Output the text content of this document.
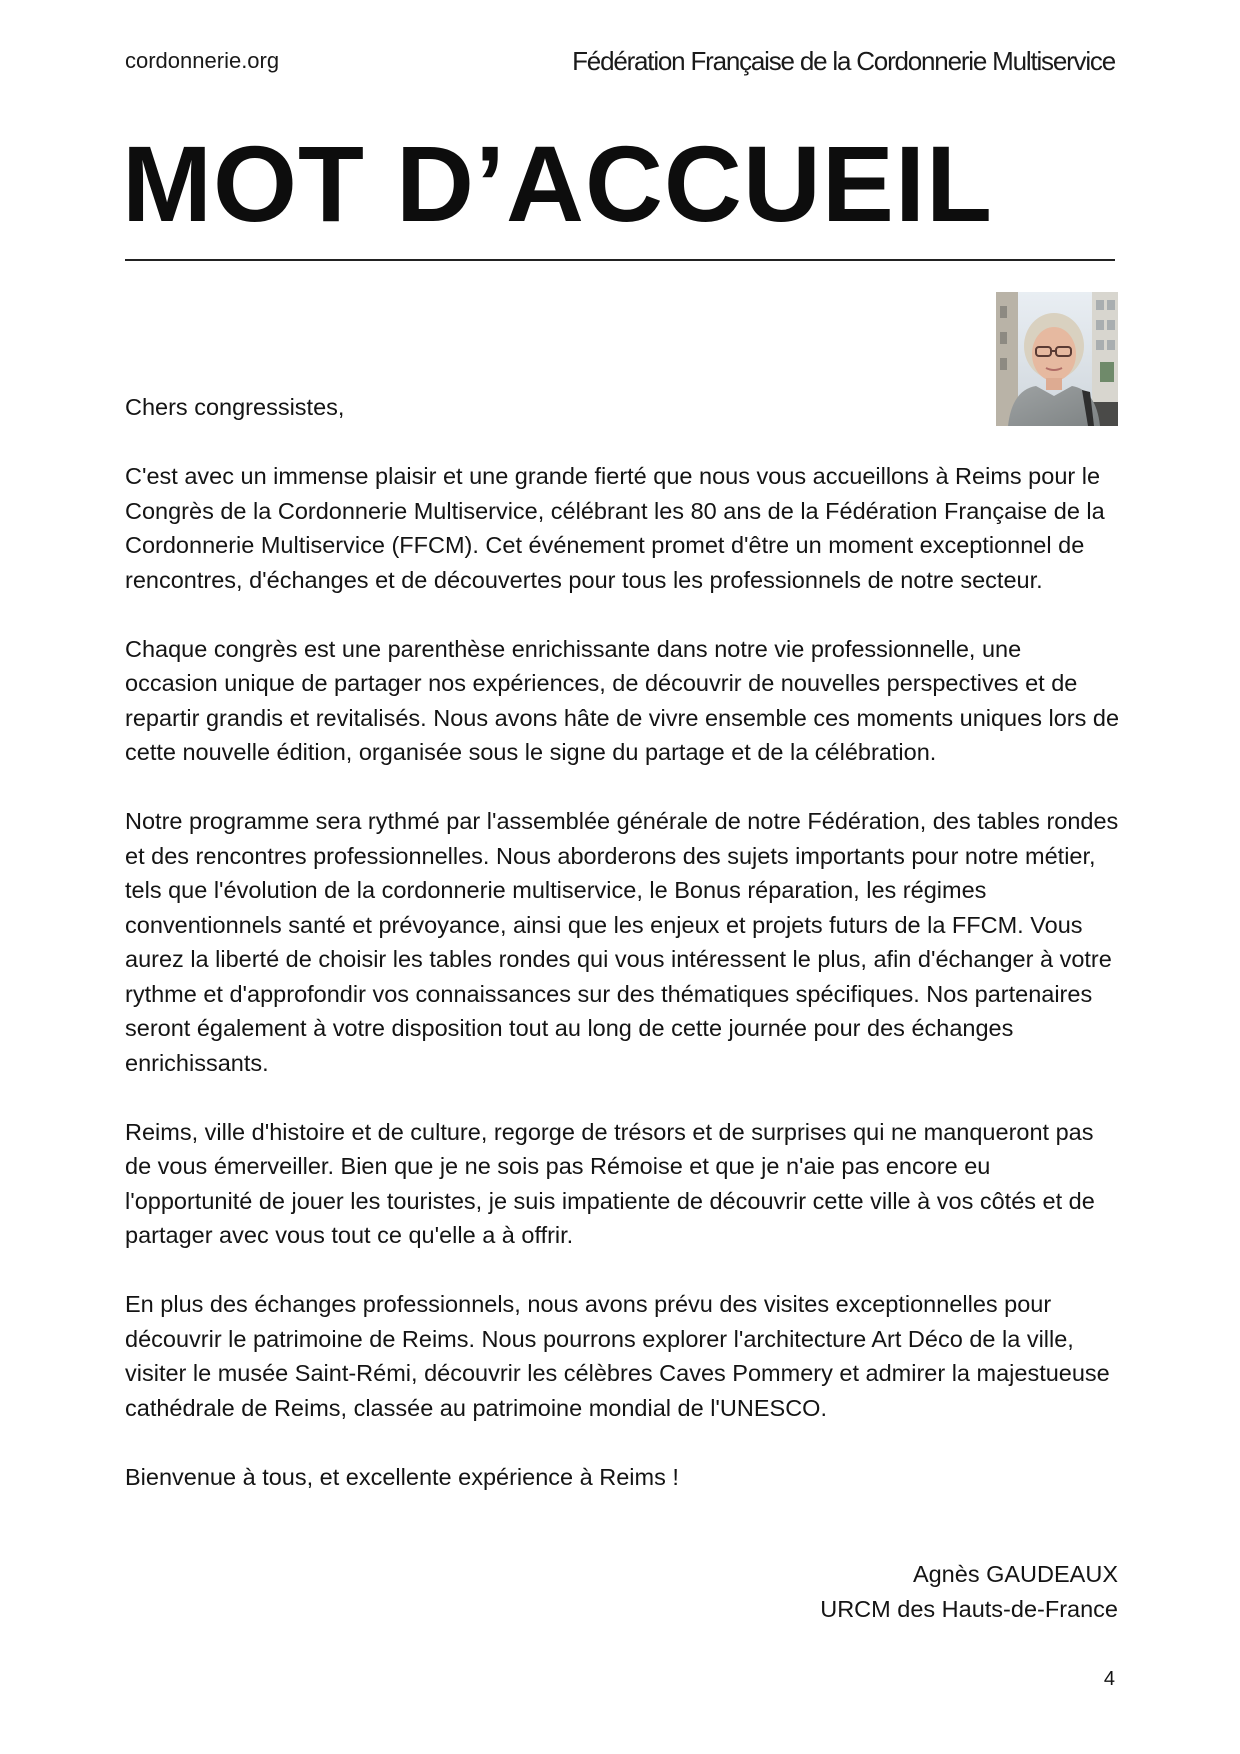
cordonnerie.org	Fédération Française de la Cordonnerie Multiservice
MOT D’ACCUEIL

Chers congressistes,

C'est avec un immense plaisir et une grande fierté que nous vous accueillons à Reims pour le Congrès de la Cordonnerie Multiservice, célébrant les 80 ans de la Fédération Française de la Cordonnerie Multiservice (FFCM). Cet événement promet d'être un moment exceptionnel de rencontres, d'échanges et de découvertes pour tous les professionnels de notre secteur.

Chaque congrès est une parenthèse enrichissante dans notre vie professionnelle, une occasion unique de partager nos expériences, de découvrir de nouvelles perspectives et de repartir grandis et revitalisés. Nous avons hâte de vivre ensemble ces moments uniques lors de cette nouvelle édition, organisée sous le signe du partage et de la célébration.

Notre programme sera rythmé par l'assemblée générale de notre Fédération, des tables rondes et des rencontres professionnelles. Nous aborderons des sujets importants pour notre métier, tels que l'évolution de la cordonnerie multiservice, le Bonus réparation, les régimes conventionnels santé et prévoyance, ainsi que les enjeux et projets futurs de la FFCM. Vous aurez la liberté de choisir les tables rondes qui vous intéressent le plus, afin d'échanger à votre rythme et d'approfondir vos connaissances sur des thématiques spécifiques. Nos partenaires seront également à votre disposition tout au long de cette journée pour des échanges enrichissants.

Reims, ville d'histoire et de culture, regorge de trésors et de surprises qui ne manqueront pas de vous émerveiller. Bien que je ne sois pas Rémoise et que je n'aie pas encore eu l'opportunité de jouer les touristes, je suis impatiente de découvrir cette ville à vos côtés et de partager avec vous tout ce qu'elle a à offrir.

En plus des échanges professionnels, nous avons prévu des visites exceptionnelles pour découvrir le patrimoine de Reims. Nous pourrons explorer l'architecture Art Déco de la ville, visiter le musée Saint-Rémi, découvrir les célèbres Caves Pommery et admirer la majestueuse cathédrale de Reims, classée au patrimoine mondial de l'UNESCO.

Bienvenue à tous, et excellente expérience à Reims !

Agnès GAUDEAUX
URCM des Hauts-de-France
4
